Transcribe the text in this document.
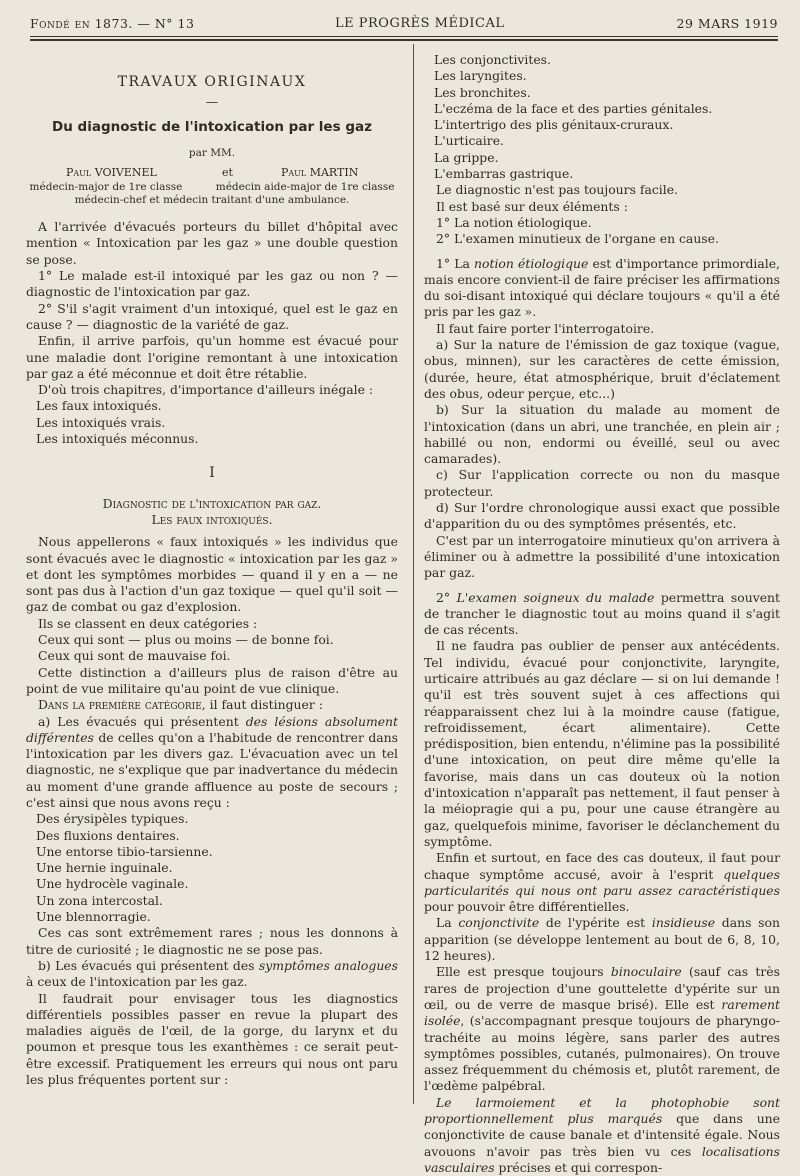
Fondé en 1873. — N° 13	LE PROGRÈS MÉDICAL	29 MARS 1919

TRAVAUX ORIGINAUX

—

Du diagnostic de l'intoxication par les gaz

par MM.

Paul VOIVENEL	et	Paul MARTIN

médecin-major de 1re classe          médecin aide-major de 1re classe

médecin-chef et médecin traitant d'une ambulance.

A l'arrivée d'évacués porteurs du billet d'hôpital avec mention « Intoxication par les gaz » une double question se pose.

1° Le malade est-il intoxiqué par les gaz ou non ? — diagnostic de l'intoxication par gaz.

2° S'il s'agit vraiment d'un intoxiqué, quel est le gaz en cause ? — diagnostic de la variété de gaz.

Enfin, il arrive parfois, qu'un homme est évacué pour une maladie dont l'origine remontant à une intoxication par gaz a été méconnue et doit être rétablie.

D'où trois chapitres, d'importance d'ailleurs inégale :

Les faux intoxiqués.

Les intoxiqués vrais.

Les intoxiqués méconnus.

I

Diagnostic de l'intoxication par gaz.

Les faux intoxiqués.

Nous appellerons « faux intoxiqués » les individus que sont évacués avec le diagnostic « intoxication par les gaz » et dont les symptômes morbides — quand il y en a — ne sont pas dus à l'action d'un gaz toxique — quel qu'il soit — gaz de combat ou gaz d'explosion.

Ils se classent en deux catégories :

Ceux qui sont — plus ou moins — de bonne foi.

Ceux qui sont de mauvaise foi.

Cette distinction a d'ailleurs plus de raison d'être au point de vue militaire qu'au point de vue clinique.

Dans la première catégorie, il faut distinguer :

a) Les évacués qui présentent des lésions absolument différentes de celles qu'on a l'habitude de rencontrer dans l'intoxication par les divers gaz. L'évacuation avec un tel diagnostic, ne s'explique que par inadvertance du médecin au moment d'une grande affluence au poste de secours ; c'est ainsi que nous avons reçu :

Des érysipèles typiques.

Des fluxions dentaires.

Une entorse tibio-tarsienne.

Une hernie inguinale.

Une hydrocèle vaginale.

Un zona intercostal.

Une blennorragie.

Ces cas sont extrêmement rares ; nous les donnons à titre de curiosité ; le diagnostic ne se pose pas.

b) Les évacués qui présentent des symptômes analogues à ceux de l'intoxication par les gaz.

Il faudrait pour envisager tous les diagnostics différentiels possibles passer en revue la plupart des maladies aiguës de l'œil, de la gorge, du larynx et du poumon et presque tous les exanthèmes : ce serait peut-être excessif. Pratiquement les erreurs qui nous ont paru les plus fréquentes portent sur :

Les conjonctivites.

Les laryngites.

Les bronchites.

L'eczéma de la face et des parties génitales.

L'intertrigo des plis génitaux-cruraux.

L'urticaire.

La grippe.

L'embarras gastrique.

Le diagnostic n'est pas toujours facile.

Il est basé sur deux éléments :

1° La notion étiologique.

2° L'examen minutieux de l'organe en cause.

1° La notion étiologique est d'importance primordiale, mais encore convient-il de faire préciser les affirmations du soi-disant intoxiqué qui déclare toujours « qu'il a été pris par les gaz ».

Il faut faire porter l'interrogatoire.

a) Sur la nature de l'émission de gaz toxique (vague, obus, minnen), sur les caractères de cette émission, (durée, heure, état atmosphérique, bruit d'éclatement des obus, odeur perçue, etc...)

b) Sur la situation du malade au moment de l'intoxication (dans un abri, une tranchée, en plein air ; habillé ou non, endormi ou éveillé, seul ou avec camarades).

c) Sur l'application correcte ou non du masque protecteur.

d) Sur l'ordre chronologique aussi exact que possible d'apparition du ou des symptômes présentés, etc.

C'est par un interrogatoire minutieux qu'on arrivera à éliminer ou à admettre la possibilité d'une intoxication par gaz.

2° L'examen soigneux du malade permettra souvent de trancher le diagnostic tout au moins quand il s'agit de cas récents.

Il ne faudra pas oublier de penser aux antécédents. Tel individu, évacué pour conjonctivite, laryngite, urticaire attribués au gaz déclare — si on lui demande ! qu'il est très souvent sujet à ces affections qui réapparaissent chez lui à la moindre cause (fatigue, refroidissement, écart alimentaire). Cette prédisposition, bien entendu, n'élimine pas la possibilité d'une intoxication, on peut dire même qu'elle la favorise, mais dans un cas douteux où la notion d'intoxication n'apparaît pas nettement, il faut penser à la méiopragie qui a pu, pour une cause étrangère au gaz, quelquefois minime, favoriser le déclanchement du symptôme.

Enfin et surtout, en face des cas douteux, il faut pour chaque symptôme accusé, avoir à l'esprit quelques particularités qui nous ont paru assez caractéristiques pour pouvoir être différentielles.

La conjonctivite de l'ypérite est insidieuse dans son apparition (se développe lentement au bout de 6, 8, 10, 12 heures).

Elle est presque toujours binoculaire (sauf cas très rares de projection d'une gouttelette d'ypérite sur un œil, ou de verre de masque brisé). Elle est rarement isolée, (s'accompagnant presque toujours de pharyngo-trachéite au moins légère, sans parler des autres symptômes possibles, cutanés, pulmonaires). On trouve assez fréquemment du chémosis et, plutôt rarement, de l'œdème palpébral.

Le larmoiement et la photophobie sont proportionnellement plus marqués que dans une conjonctivite de cause banale et d'intensité égale. Nous avouons n'avoir pas très bien vu ces localisations vasculaires précises et qui correspon-
